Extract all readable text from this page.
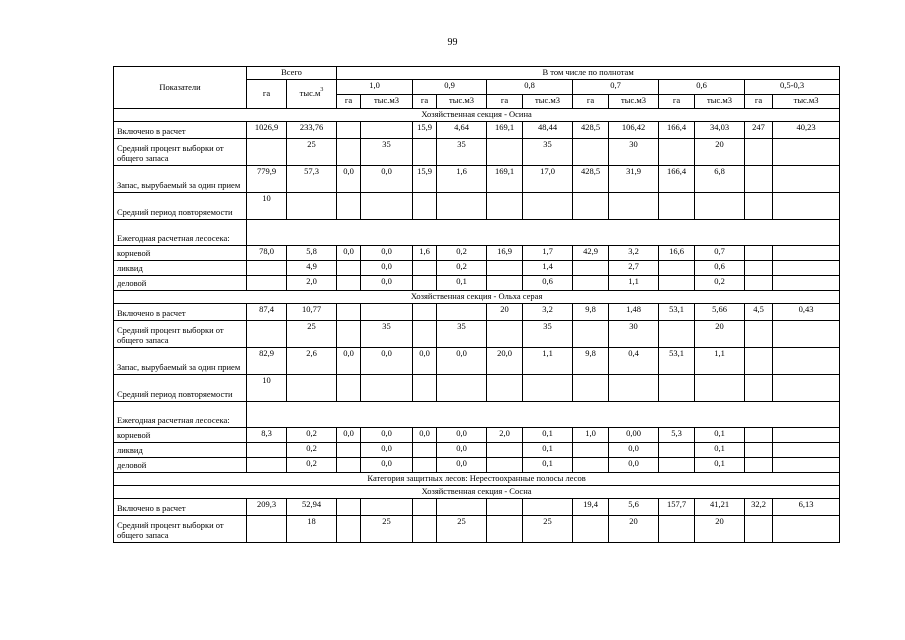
99
Показатели	Всего		В том числе по полнотам											
	га	$тыс.м^3$	1,0		0,9		0,8		0,7		0,6		0,5-0,3	
			га	тыс.м3	га	тыс.м3	га	тыс.м3	га	тыс.м3	га	тыс.м3	га	тыс.м3
Хозяйственная секция - Осина														
Включено в расчет	1026,9	233,76			15,9	4,64	169,1	48,44	428,5	106,42	166,4	34,03	247	40,23
Средний процент выборки от общего запаса		25		35		35		35		30		20		
Запас, вырубаемый за один прием	779,9	57,3	0,0	0,0	15,9	1,6	169,1	17,0	428,5	31,9	166,4	6,8		
Средний период повторяемости	10													
Ежегодная расчетная лесосека:														
корневой	78,0	5,8	0,0	0,0	1,6	0,2	16,9	1,7	42,9	3,2	16,6	0,7		
ликвид		4,9		0,0		0,2		1,4		2,7		0,6		
деловой		2,0		0,0		0,1		0,6		1,1		0,2		
Хозяйственная секция - Ольха серая														
Включено в расчет	87,4	10,77					20	3,2	9,8	1,48	53,1	5,66	4,5	0,43
Средний процент выборки от общего запаса		25		35		35		35		30		20		
Запас, вырубаемый за один прием	82,9	2,6	0,0	0,0	0,0	0,0	20,0	1,1	9,8	0,4	53,1	1,1		
Средний период повторяемости	10													
Ежегодная расчетная лесосека:														
корневой	8,3	0,2	0,0	0,0	0,0	0,0	2,0	0,1	1,0	0,00	5,3	0,1		
ликвид		0,2		0,0		0,0		0,1		0,0		0,1		
деловой		0,2		0,0		0,0		0,1		0,0		0,1		
Категория защитных лесов: Нерестоохранные полосы лесов														
Хозяйственная секция - Сосна														
Включено в расчет	209,3	52,94							19,4	5,6	157,7	41,21	32,2	6,13
Средний процент выборки от общего запаса		18		25		25		25		20		20		
